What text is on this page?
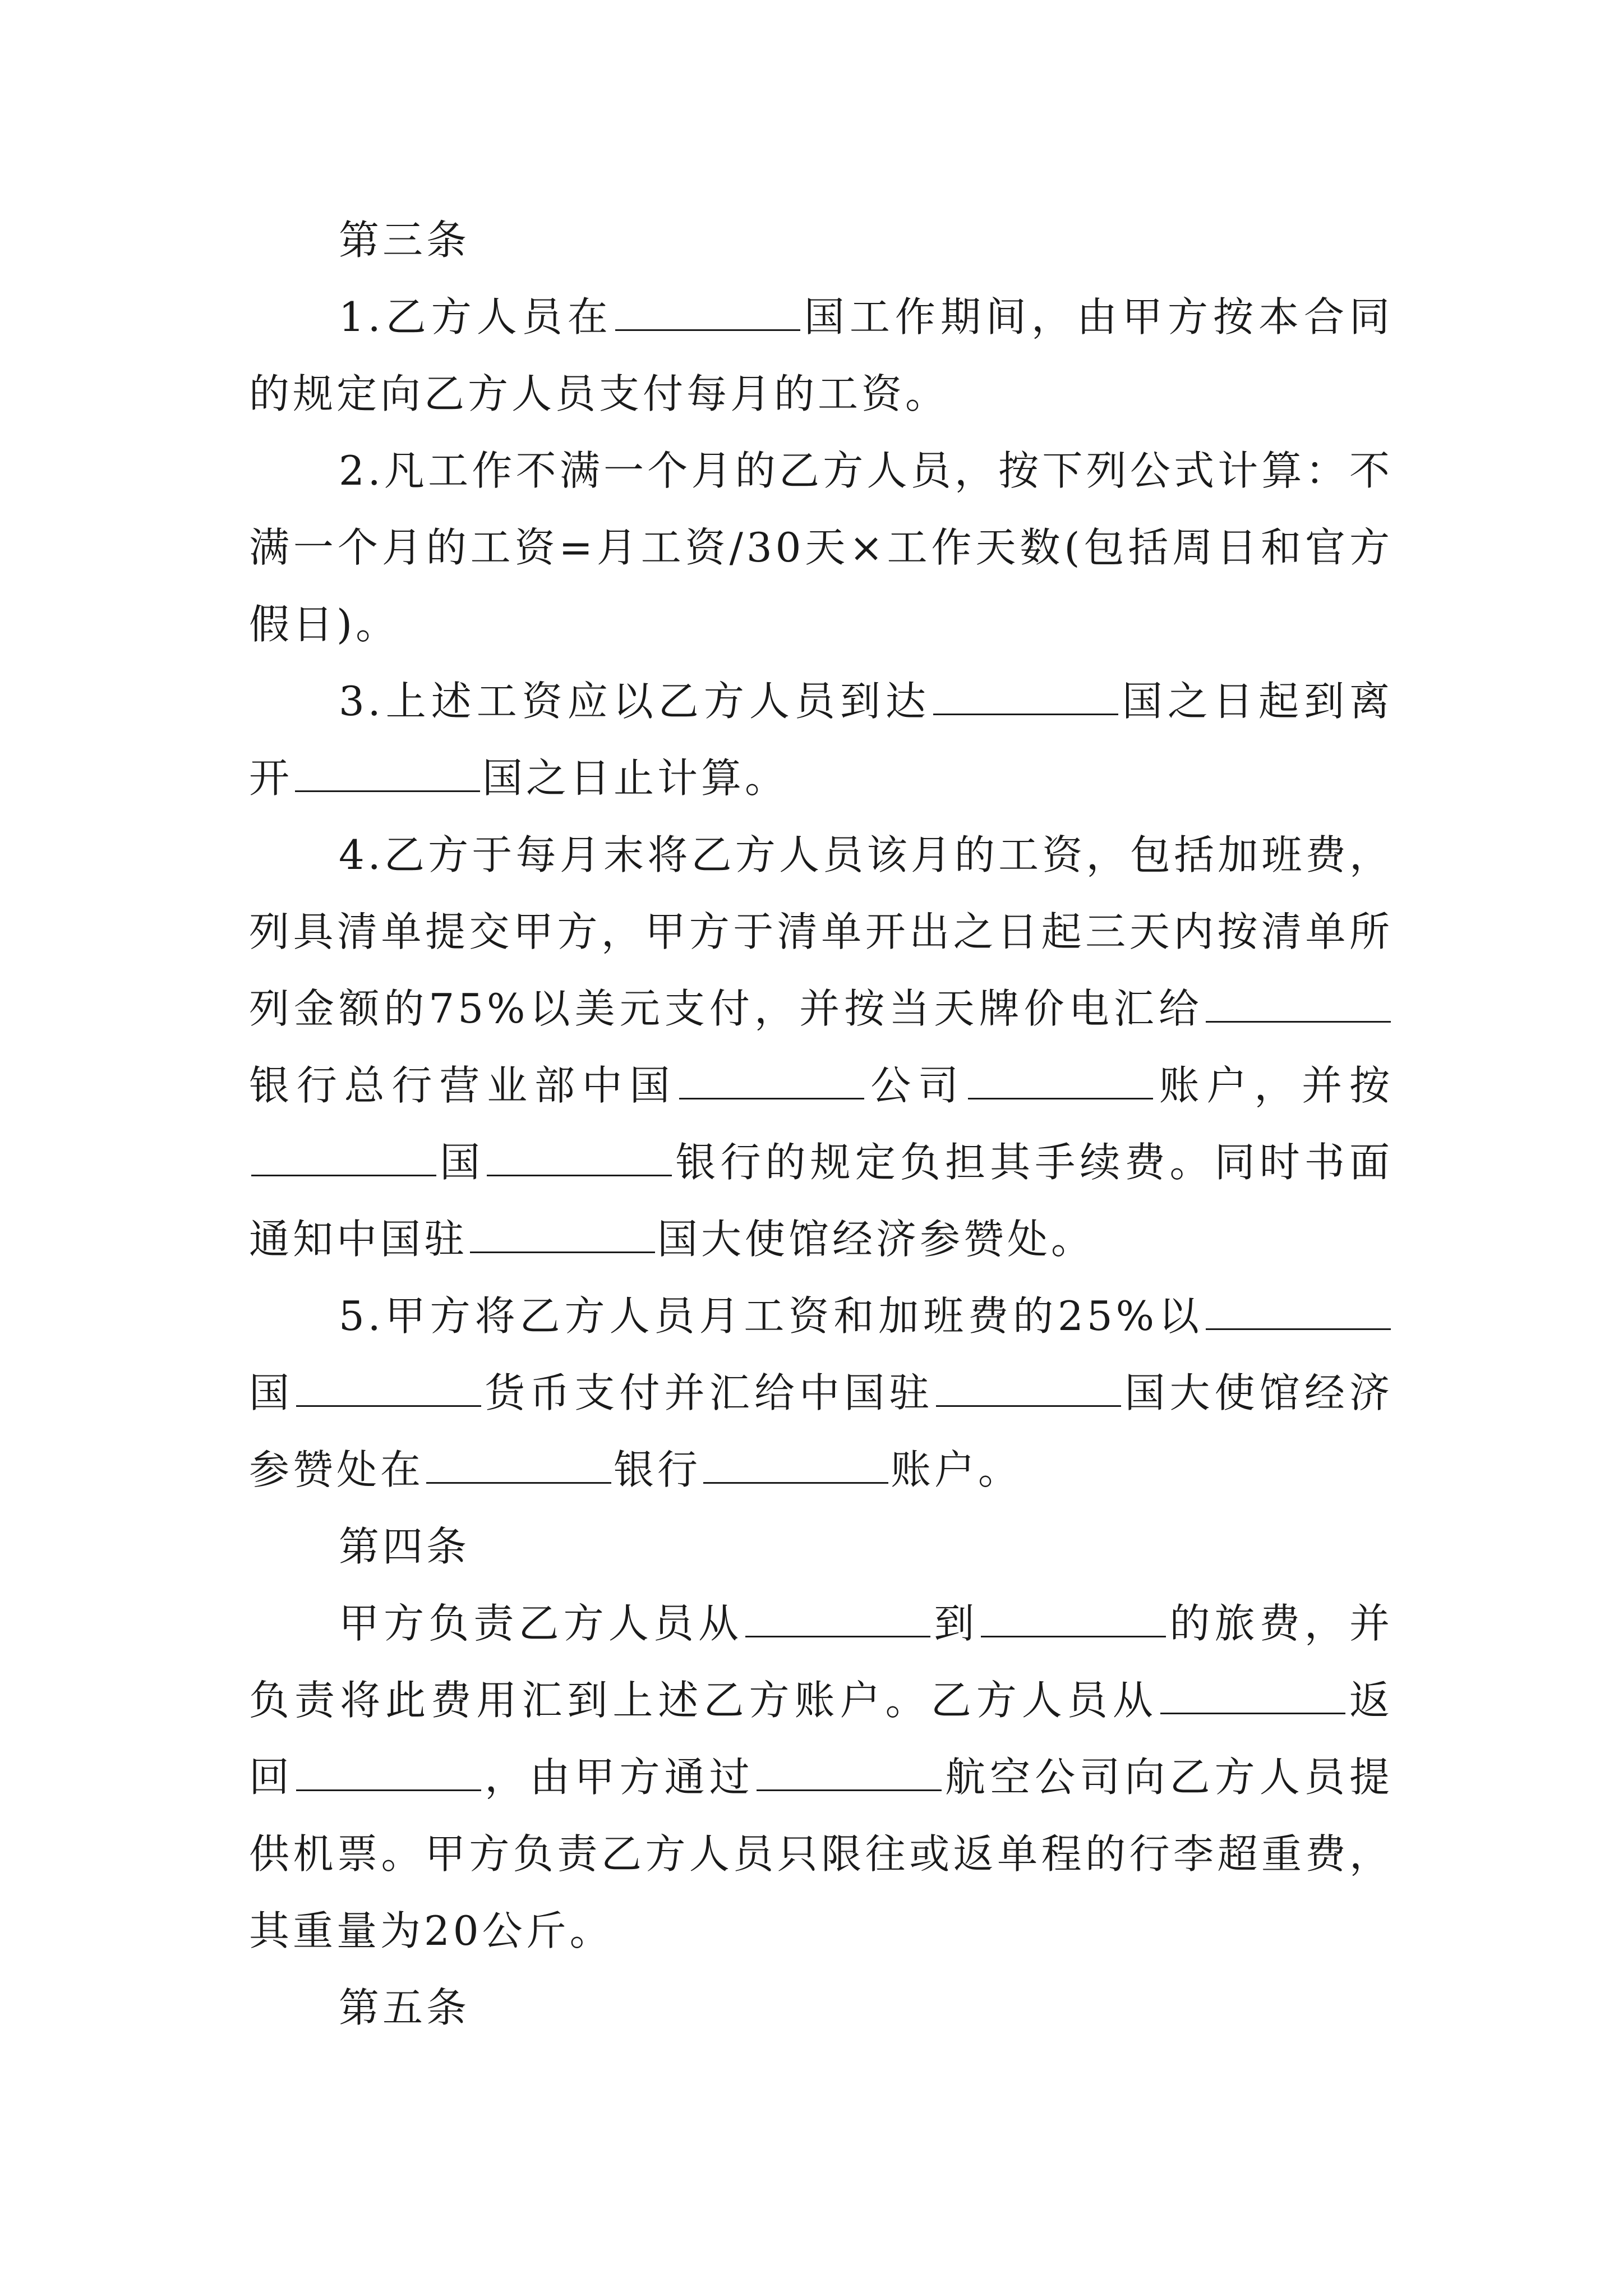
第三条

1.乙方人员在	国工作期间，由甲方按本合同的规定向乙方人员支付每月的工资。

2.凡工作不满一个月的乙方人员，按下列公式计算：不满一个月的工资=月工资/30天×工作天数(包括周日和官方假日)。

3.上述工资应以乙方人员到达	国之日起到离开	国之日止计算。

4.乙方于每月末将乙方人员该月的工资，包括加班费，列具清单提交甲方，甲方于清单开出之日起三天内按清单所列金额的75%以美元支付，并按当天牌价电汇给银行总行营业部中国	公司	账户，并按国	银行的规定负担其手续费。同时书面通知中国驻	国大使馆经济参赞处。

5.甲方将乙方人员月工资和加班费的25%以国	货币支付并汇给中国驻	国大使馆经济参赞处在	银行	账户。

第四条

甲方负责乙方人员从	到	的旅费，并负责将此费用汇到上述乙方账户。乙方人员从	返回	，由甲方通过	航空公司向乙方人员提供机票。甲方负责乙方人员只限往或返单程的行李超重费，其重量为20公斤。

第五条
